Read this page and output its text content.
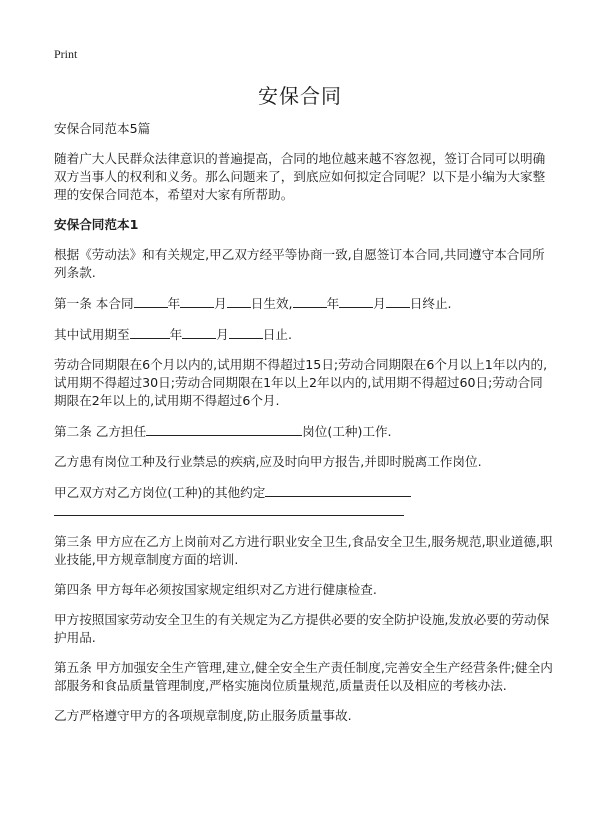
Print
安保合同

安保合同范本5篇

随着广大人民群众法律意识的普遍提高，合同的地位越来越不容忽视，签订合同可以明确双方当事人的权利和义务。那么问题来了，到底应如何拟定合同呢？以下是小编为大家整理的安保合同范本，希望对大家有所帮助。

安保合同范本1

根据《劳动法》和有关规定,甲乙双方经平等协商一致,自愿签订本合同,共同遵守本合同所列条款.

第一条 本合同	年	月 日生效,	年	月 日终止.

其中试用期至	年	月	日止.

劳动合同期限在6个月以内的,试用期不得超过15日;劳动合同期限在6个月以上1年以内的,试用期不得超过30日;劳动合同期限在1年以上2年以内的,试用期不得超过60日;劳动合同期限在2年以上的,试用期不得超过6个月.

第二条 乙方担任	岗位(工种)工作.

乙方患有岗位工种及行业禁忌的疾病,应及时向甲方报告,并即时脱离工作岗位.

甲乙双方对乙方岗位(工种)的其他约定

第三条 甲方应在乙方上岗前对乙方进行职业安全卫生,食品安全卫生,服务规范,职业道德,职业技能,甲方规章制度方面的培训.

第四条 甲方每年必须按国家规定组织对乙方进行健康检查.

甲方按照国家劳动安全卫生的有关规定为乙方提供必要的安全防护设施,发放必要的劳动保护用品.

第五条 甲方加强安全生产管理,建立,健全安全生产责任制度,完善安全生产经营条件;健全内部服务和食品质量管理制度,严格实施岗位质量规范,质量责任以及相应的考核办法.

乙方严格遵守甲方的各项规章制度,防止服务质量事故.
